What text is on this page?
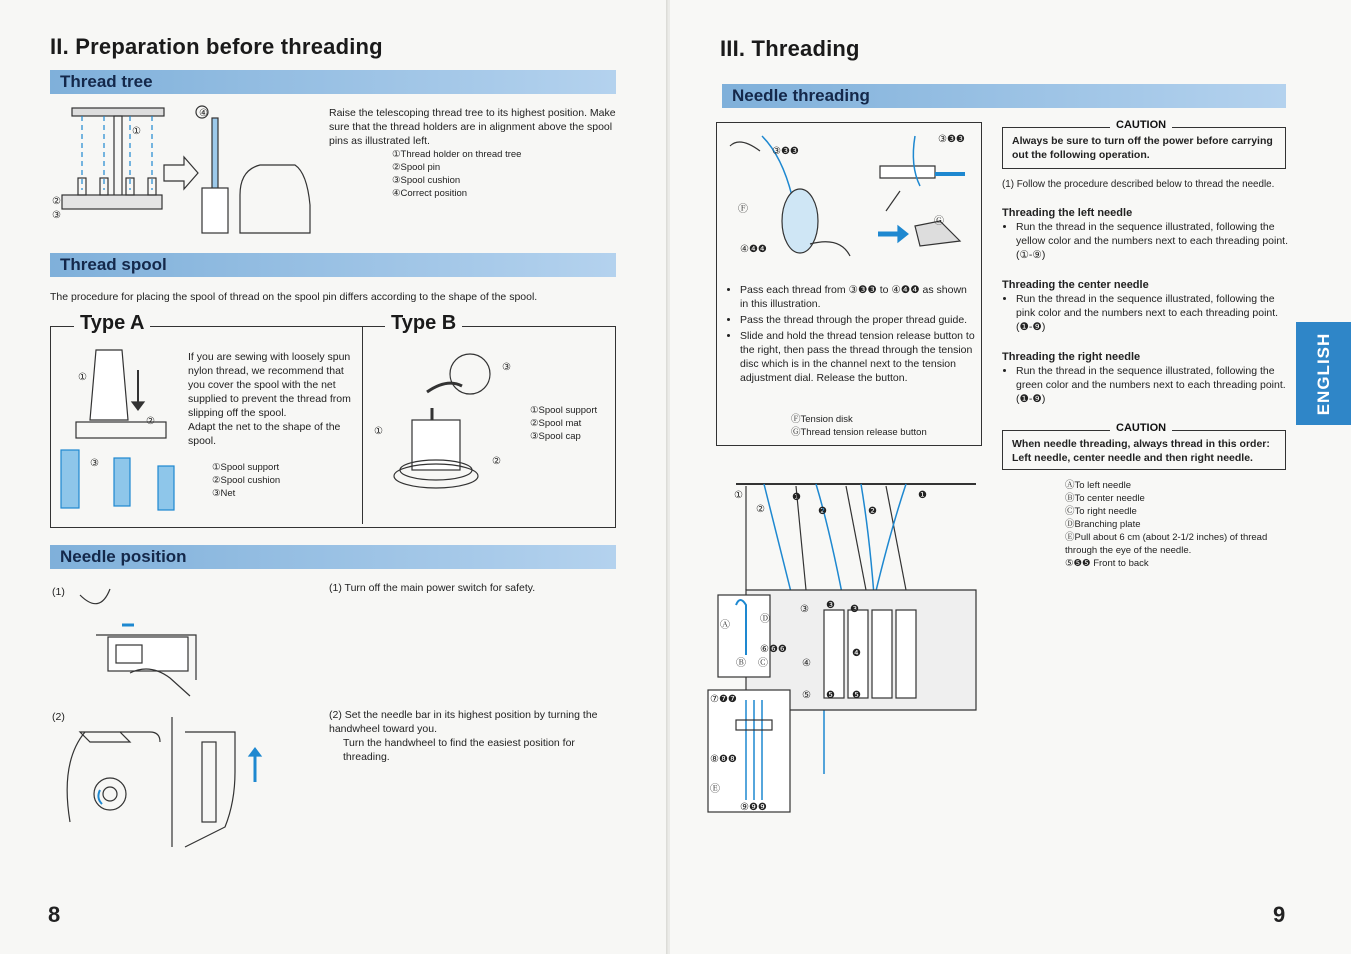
II. Preparation before threading
Thread tree
④
①
②
③
Raise the telescoping thread tree to its highest position. Make sure that the thread holders are in alignment above the spool pins as illustrated left.
①Thread holder on thread tree
②Spool pin
③Spool cushion
④Correct position
Thread spool
The procedure for placing the spool of thread on the spool pin differs according to the shape of the spool.
Type A	Type B
①
②
③
If you are sewing with loosely spun nylon thread, we recommend that you cover the spool with the net supplied to prevent the thread from slipping off the spool.
Adapt the net to the shape of the spool.
①Spool support
②Spool cushion
③Net
③
①
②
①Spool support
②Spool mat
③Spool cap
Needle position
(1)	(1) Turn off the main power switch for safety.
(2)	(2) Set the needle bar in its highest position by turning the handwheel toward you.
Turn the handwheel to find the easiest position for threading.
8
III. Threading
Needle threading
③❸❸
③❸❸
④❹❹
Ⓕ
Ⓖ
• Pass each thread from ③❸❸ to ④❹❹ as shown in this illustration.
• Pass the thread through the proper thread guide.
• Slide and hold the thread tension release button to the right, then pass the thread through the tension disc which is in the channel next to the tension adjustment dial. Release the button.
ⒻTension disk
ⒼThread tension release button
①	❶	❶
②	❷	❷
③ ❸ ❸
④
❹
⑤ ❺ ❺
⑥❻❻
⑦❼❼
⑧❽❽
⑨❾❾
Ⓐ
Ⓑ Ⓒ
Ⓓ
Ⓔ
CAUTION
Always be sure to turn off the power before carrying out the following operation.
(1) Follow the procedure described below to thread the needle.
Threading the left needle
• Run the thread in the sequence illustrated, following the yellow color and the numbers next to each threading point. (①-⑨)
Threading the center needle
• Run the thread in the sequence illustrated, following the pink color and the numbers next to each threading point. (❶-❾)
Threading the right needle
• Run the thread in the sequence illustrated, following the green color and the numbers next to each threading point. (❶-❾)
CAUTION
When needle threading, always thread in this order: Left needle, center needle and then right needle.
ⒶTo left needle
ⒷTo center needle
ⒸTo right needle
ⒹBranching plate
ⒺPull about 6 cm (about 2-1/2 inches) of thread through the eye of the needle.
⑤❺❺ Front to back
ENGLISH
9
